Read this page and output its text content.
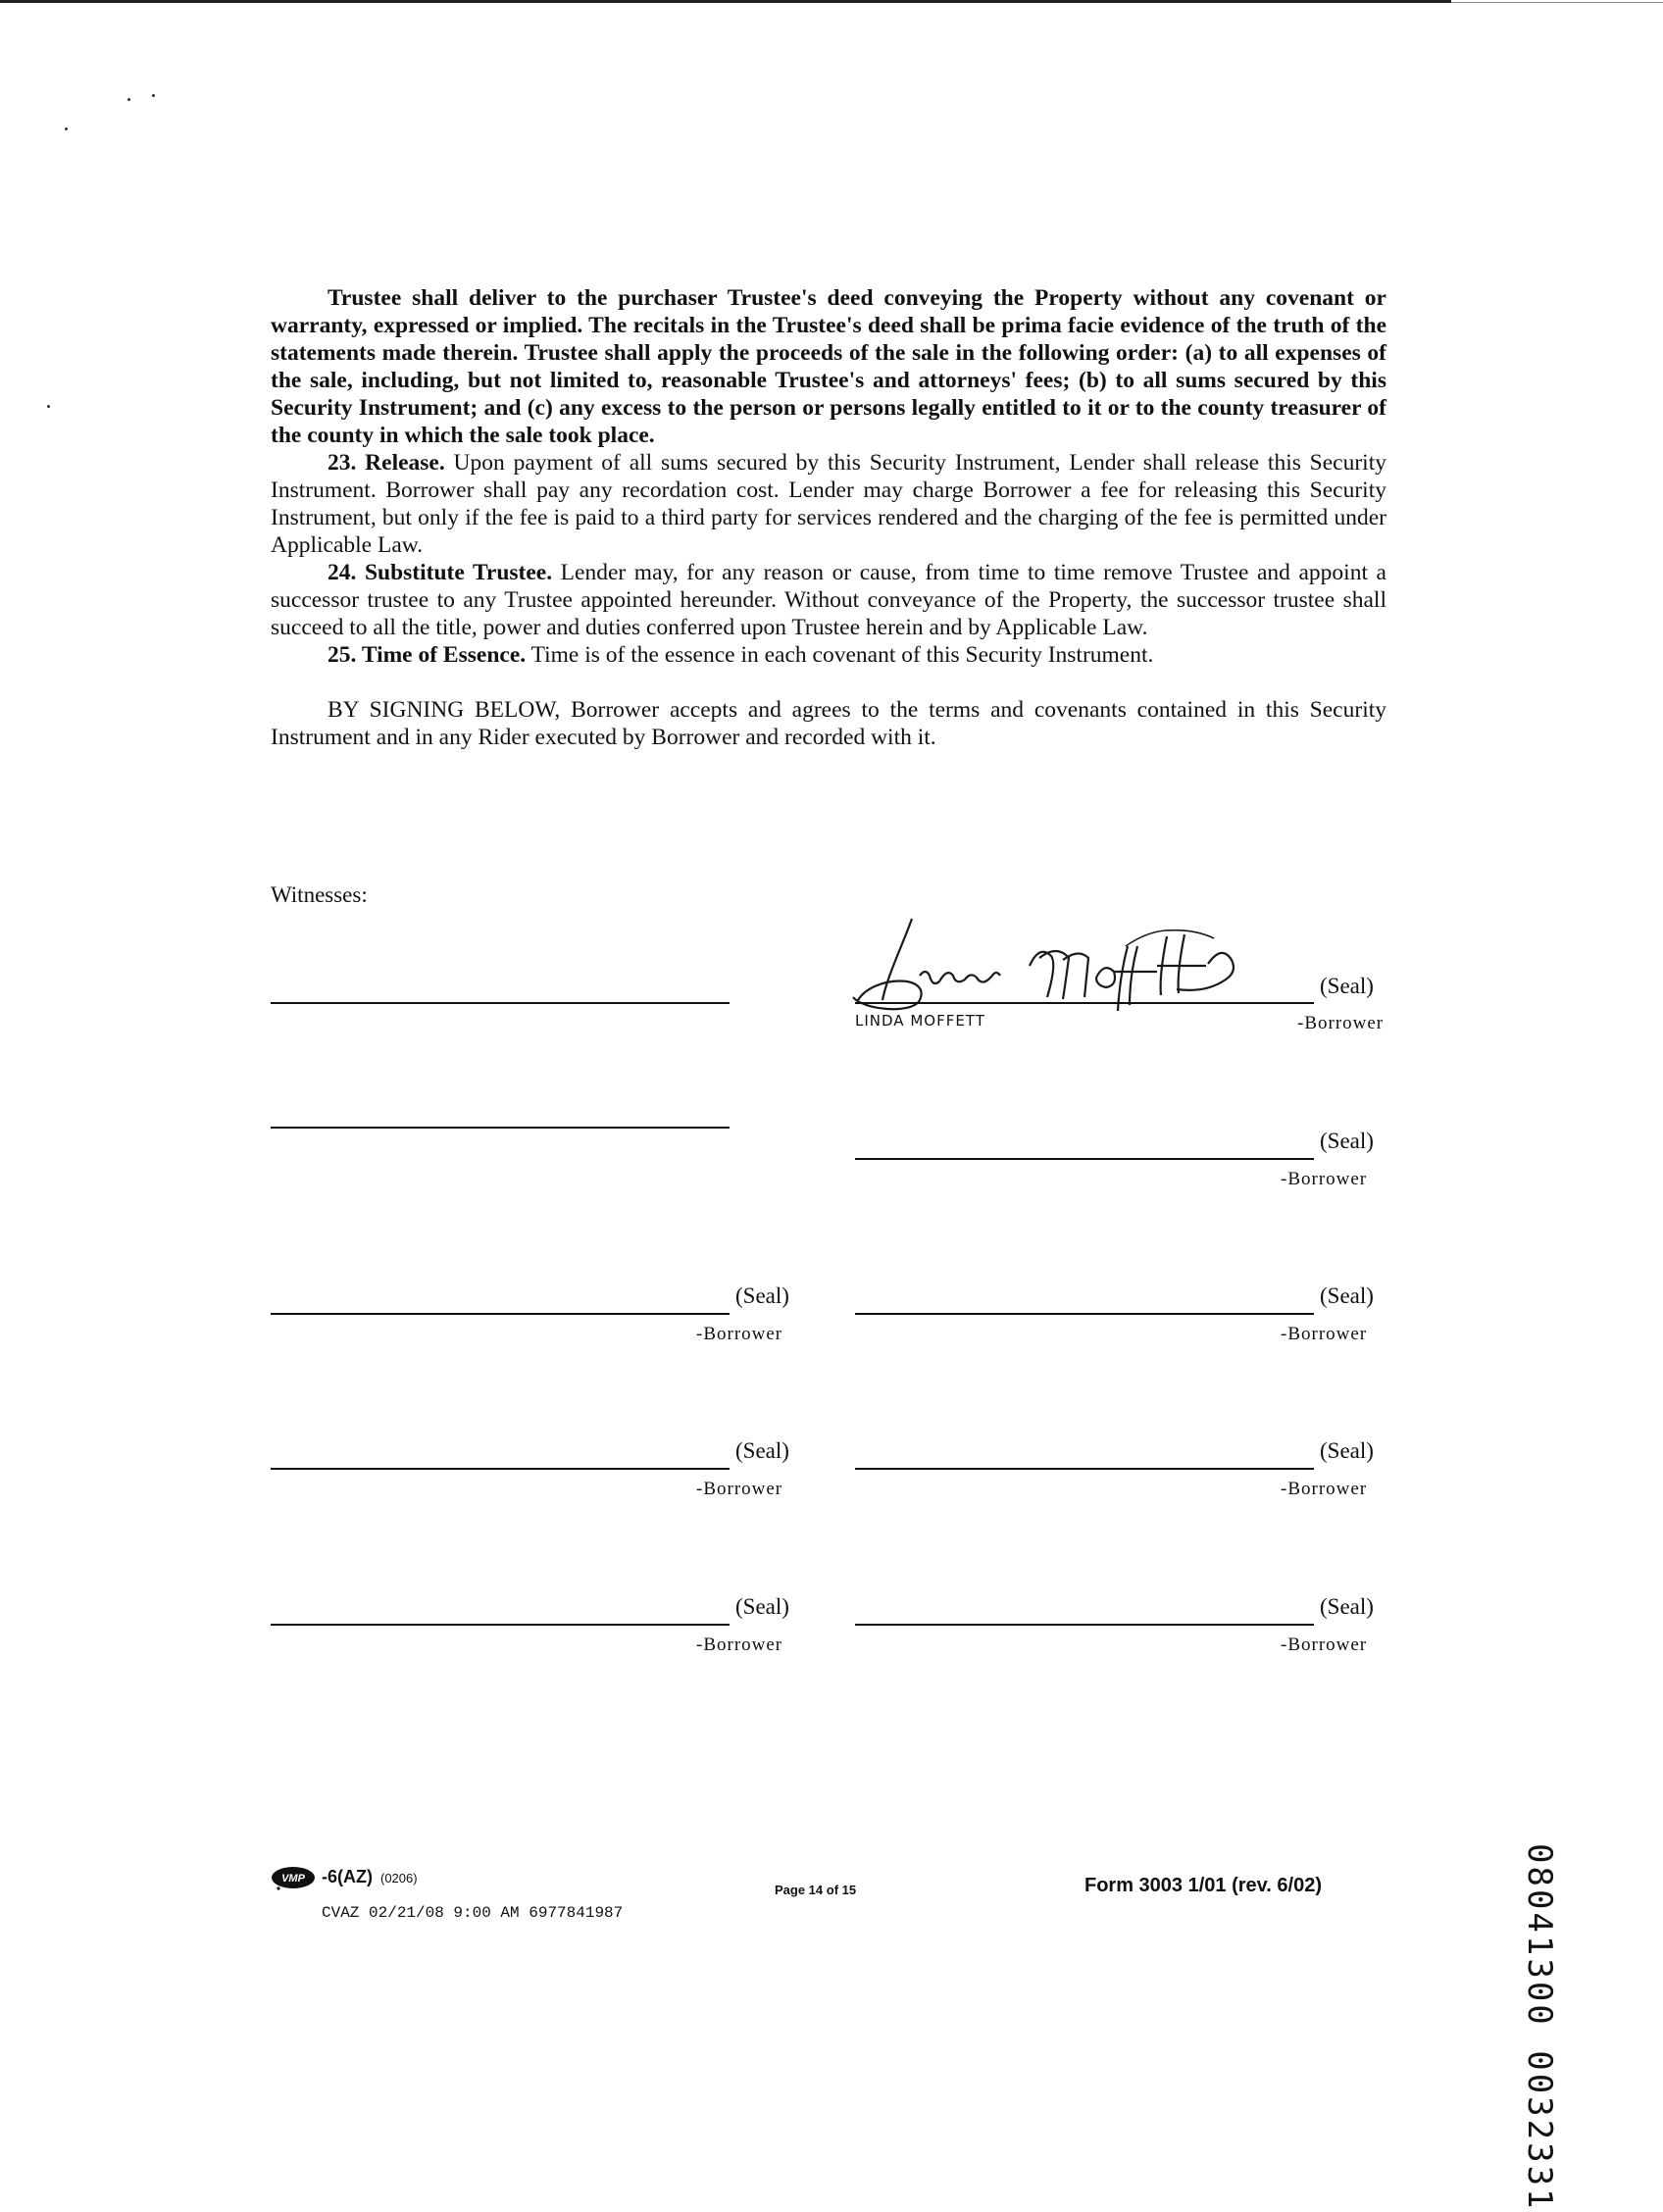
Trustee shall deliver to the purchaser Trustee's deed conveying the Property without any covenant or warranty, expressed or implied. The recitals in the Trustee's deed shall be prima facie evidence of the truth of the statements made therein. Trustee shall apply the proceeds of the sale in the following order: (a) to all expenses of the sale, including, but not limited to, reasonable Trustee's and attorneys' fees; (b) to all sums secured by this Security Instrument; and (c) any excess to the person or persons legally entitled to it or to the county treasurer of the county in which the sale took place.

23. Release. Upon payment of all sums secured by this Security Instrument, Lender shall release this Security Instrument. Borrower shall pay any recordation cost. Lender may charge Borrower a fee for releasing this Security Instrument, but only if the fee is paid to a third party for services rendered and the charging of the fee is permitted under Applicable Law.

24. Substitute Trustee. Lender may, for any reason or cause, from time to time remove Trustee and appoint a successor trustee to any Trustee appointed hereunder. Without conveyance of the Property, the successor trustee shall succeed to all the title, power and duties conferred upon Trustee herein and by Applicable Law.

25. Time of Essence. Time is of the essence in each covenant of this Security Instrument.

BY SIGNING BELOW, Borrower accepts and agrees to the terms and covenants contained in this Security Instrument and in any Rider executed by Borrower and recorded with it.

Witnesses:
(Seal)
LINDA MOFFETT	-Borrower
(Seal)
-Borrower
(Seal)
-Borrower
(Seal)
-Borrower
(Seal)
-Borrower
(Seal)
-Borrower
(Seal)
-Borrower
(Seal)
-Borrower
VMP -6(AZ) (0206)
CVAZ 02/21/08 9:00 AM 6977841987
Page 14 of 15	Form 3003 1/01 (rev. 6/02)	08041300 0032331
